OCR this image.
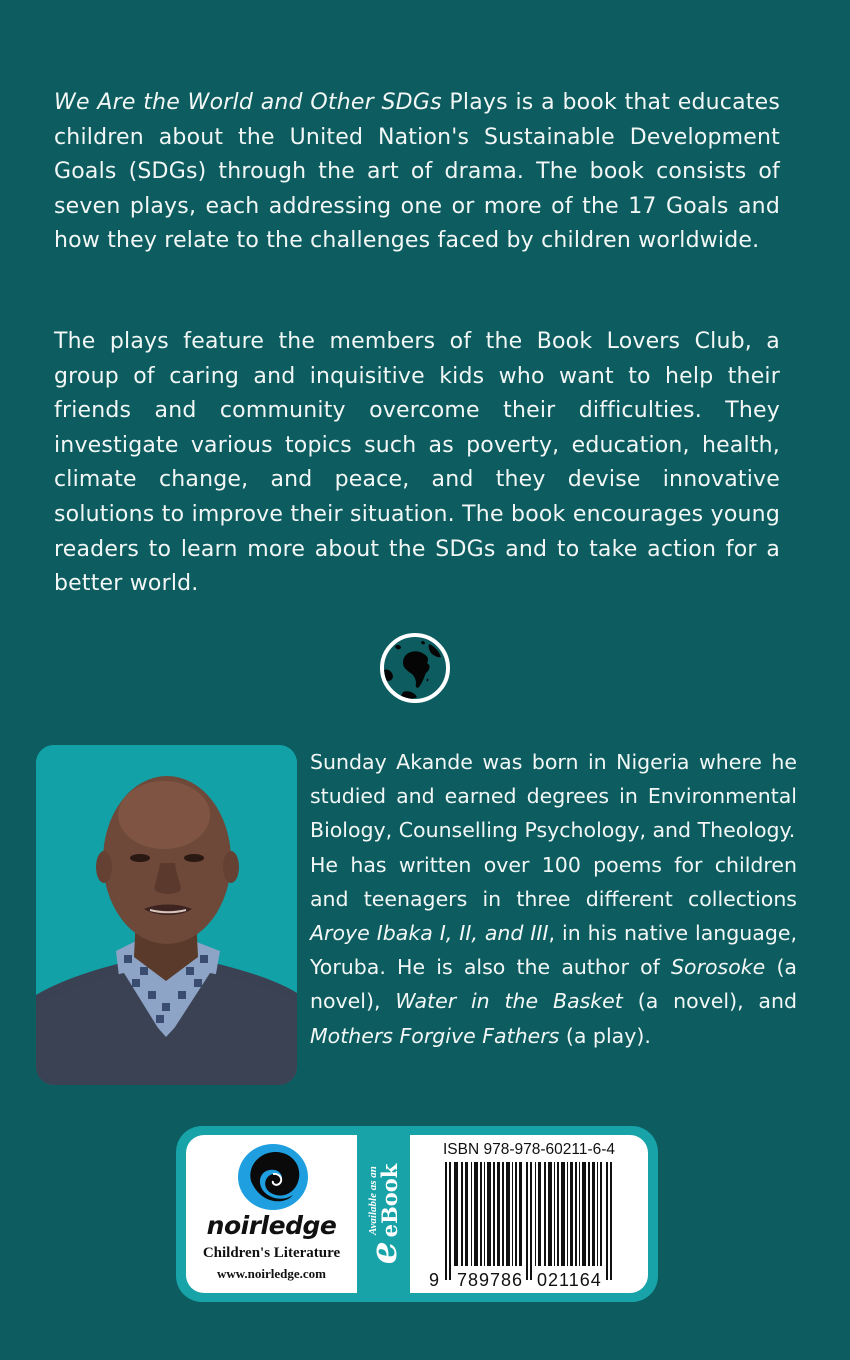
We Are the World and Other SDGs Plays is a book that educates children about the United Nation's Sustainable Development Goals (SDGs) through the art of drama. The book consists of seven plays, each addressing one or more of the 17 Goals and how they relate to the challenges faced by children worldwide.

The plays feature the members of the Book Lovers Club, a group of caring and inquisitive kids who want to help their friends and community overcome their difficulties. They investigate various topics such as poverty, education, health, climate change, and peace, and they devise innovative solutions to improve their situation. The book encourages young readers to learn more about the SDGs and to take action for a better world.

Sunday Akande was born in Nigeria where he studied and earned degrees in Environmental Biology, Counselling Psychology, and Theology.

He has written over 100 poems for children and teenagers in three different collections Aroye Ibaka I, II, and III, in his native language, Yoruba. He is also the author of Sorosoke (a novel), Water in the Basket (a novel), and Mothers Forgive Fathers (a play).

noirledge
Children's Literature
www.noirledge.com
e
Available as an
eBook
ISBN 978-978-60211-6-4
9 789786 021164
